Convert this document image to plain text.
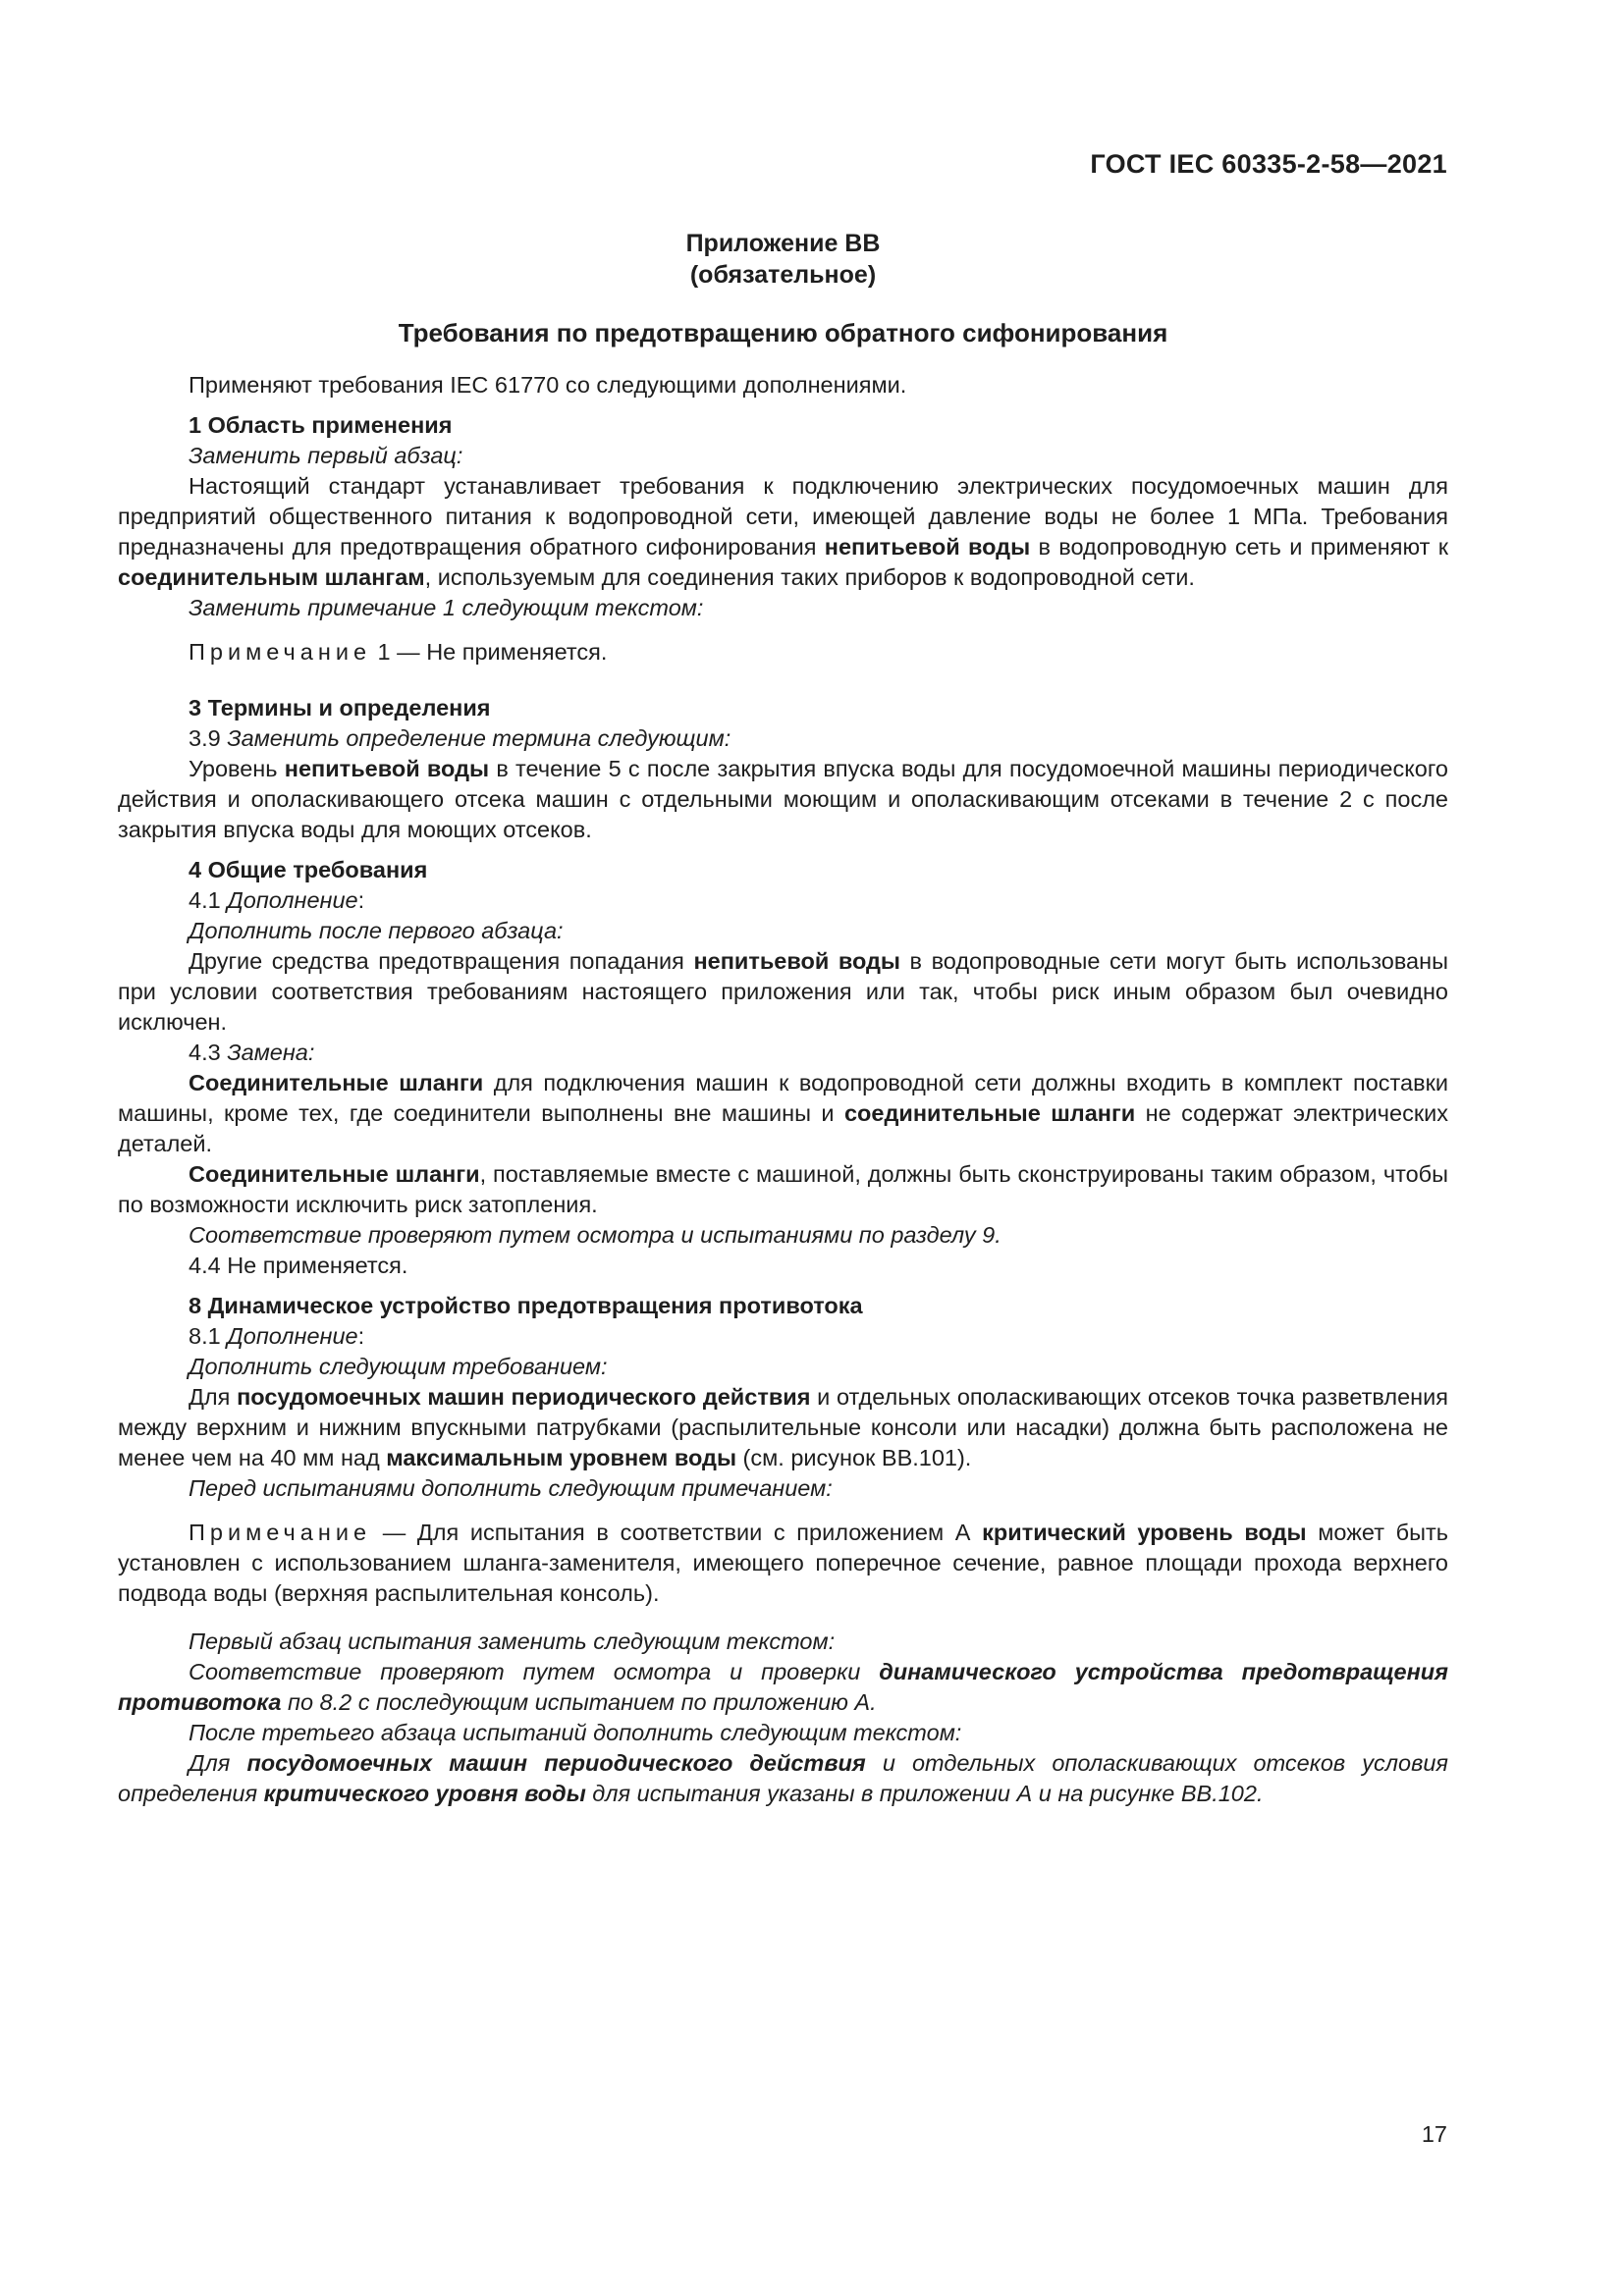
ГОСТ IEC 60335-2-58—2021
Приложение ВВ
(обязательное)
Требования по предотвращению обратного сифонирования

Применяют требования IEC 61770 со следующими дополнениями.

1 Область применения

Заменить первый абзац:

Настоящий стандарт устанавливает требования к подключению электрических посудомоечных машин для предприятий общественного питания к водопроводной сети, имеющей давление воды не более 1 МПа. Требования предназначены для предотвращения обратного сифонирования непитьевой воды в водопроводную сеть и применяют к соединительным шлангам, используемым для соединения таких приборов к водопроводной сети.

Заменить примечание 1 следующим текстом:

Примечание 1 — Не применяется.

3 Термины и определения

3.9 Заменить определение термина следующим:

Уровень непитьевой воды в течение 5 с после закрытия впуска воды для посудомоечной машины периодического действия и ополаскивающего отсека машин с отдельными моющим и ополаскивающим отсеками в течение 2 с после закрытия впуска воды для моющих отсеков.

4 Общие требования

4.1 Дополнение:

Дополнить после первого абзаца:

Другие средства предотвращения попадания непитьевой воды в водопроводные сети могут быть использованы при условии соответствия требованиям настоящего приложения или так, чтобы риск иным образом был очевидно исключен.

4.3 Замена:

Соединительные шланги для подключения машин к водопроводной сети должны входить в комплект поставки машины, кроме тех, где соединители выполнены вне машины и соединительные шланги не содержат электрических деталей.

Соединительные шланги, поставляемые вместе с машиной, должны быть сконструированы таким образом, чтобы по возможности исключить риск затопления.

Соответствие проверяют путем осмотра и испытаниями по разделу 9.

4.4 Не применяется.

8 Динамическое устройство предотвращения противотока

8.1 Дополнение:

Дополнить следующим требованием:

Для посудомоечных машин периодического действия и отдельных ополаскивающих отсеков точка разветвления между верхним и нижним впускными патрубками (распылительные консоли или насадки) должна быть расположена не менее чем на 40 мм над максимальным уровнем воды (см. рисунок ВВ.101).

Перед испытаниями дополнить следующим примечанием:

Примечание — Для испытания в соответствии с приложением А критический уровень воды может быть установлен с использованием шланга-заменителя, имеющего поперечное сечение, равное площади прохода верхнего подвода воды (верхняя распылительная консоль).

Первый абзац испытания заменить следующим текстом:

Соответствие проверяют путем осмотра и проверки динамического устройства предотвращения противотока по 8.2 с последующим испытанием по приложению А.

После третьего абзаца испытаний дополнить следующим текстом:

Для посудомоечных машин периодического действия и отдельных ополаскивающих отсеков условия определения критического уровня воды для испытания указаны в приложении А и на рисунке ВВ.102.

17
